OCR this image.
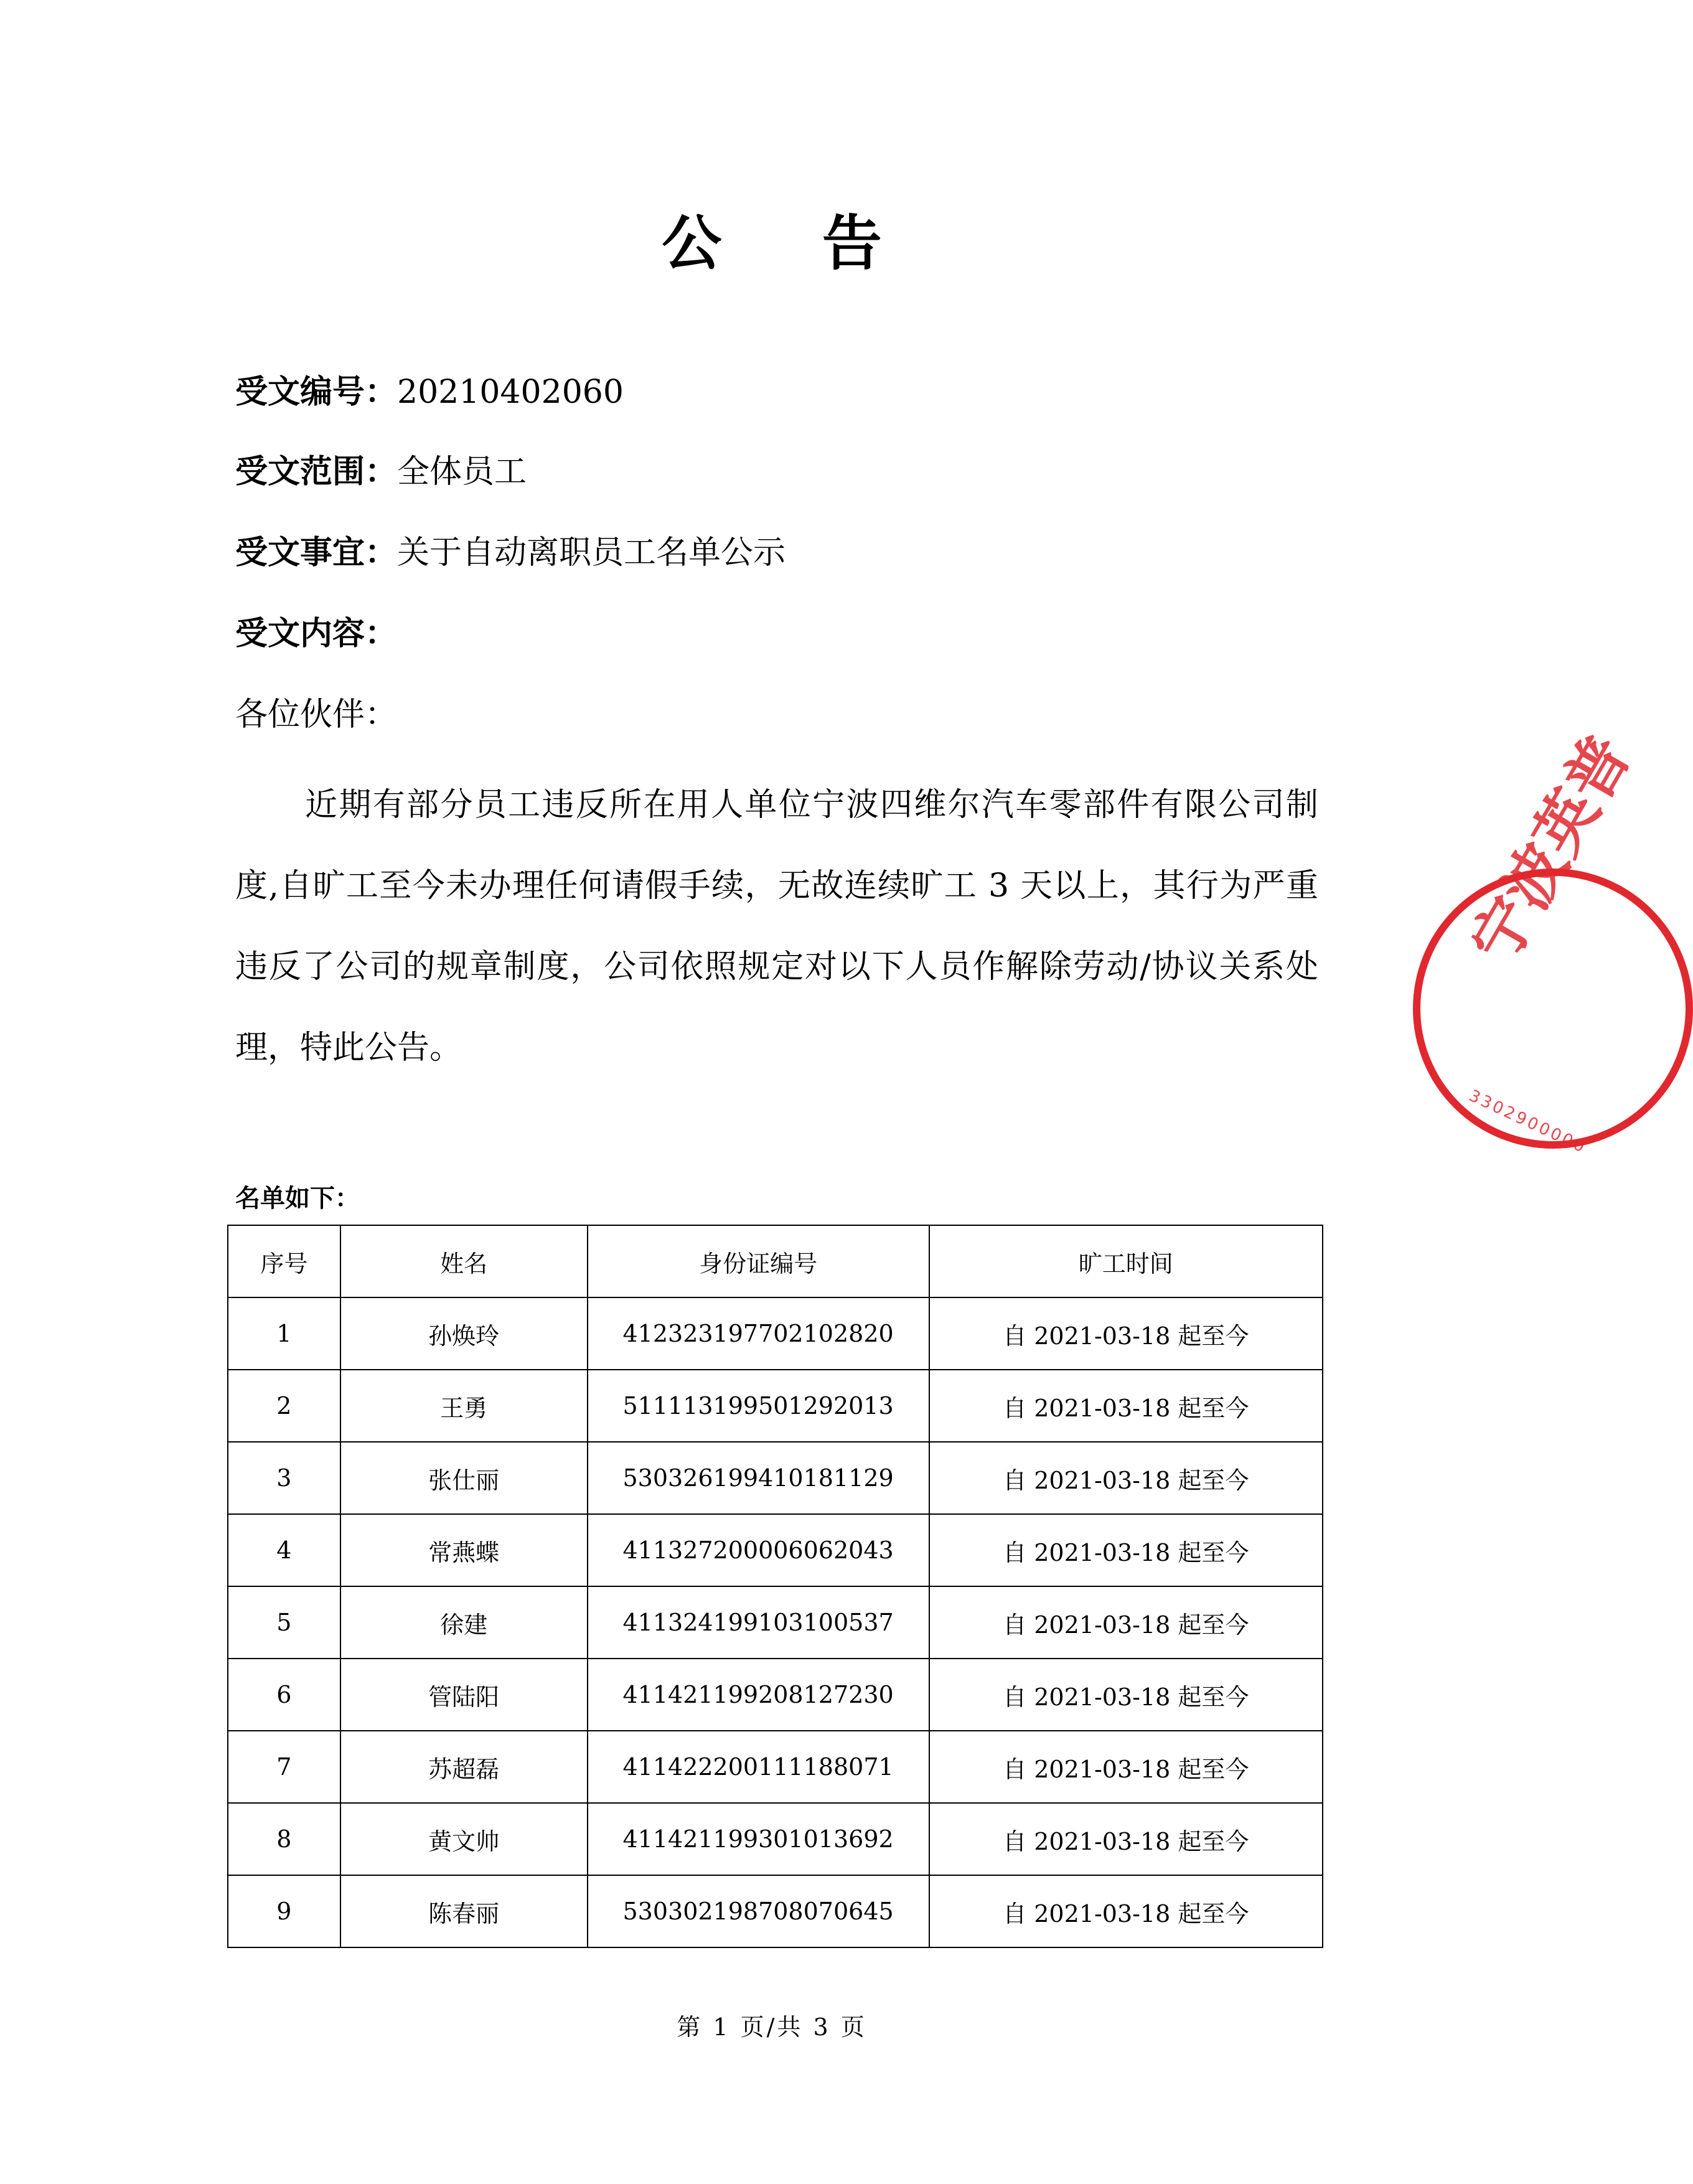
公 告
受文编号：20210402060
受文范围：全体员工
受文事宜：关于自动离职员工名单公示
受文内容：
各位伙伴：
近期有部分员工违反所在用人单位宁波四维尔汽车零部件有限公司制度,自旷工至今未办理任何请假手续，无故连续旷工 3 天以上，其行为严重违反了公司的规章制度，公司依照规定对以下人员作解除劳动/协议关系处理，特此公告。
名单如下：
序号	姓名	身份证编号	旷工时间
1	孙焕玲	412323197702102820	自 2021-03-18 起至今
2	王勇	511113199501292013	自 2021-03-18 起至今
3	张仕丽	530326199410181129	自 2021-03-18 起至今
4	常燕蝶	411327200006062043	自 2021-03-18 起至今
5	徐建	411324199103100537	自 2021-03-18 起至今
6	管陆阳	411421199208127230	自 2021-03-18 起至今
7	苏超磊	411422200111188071	自 2021-03-18 起至今
8	黄文帅	411421199301013692	自 2021-03-18 起至今
9	陈春丽	530302198708070645	自 2021-03-18 起至今
宁波英普
3302900000
第 1 页/共 3 页
